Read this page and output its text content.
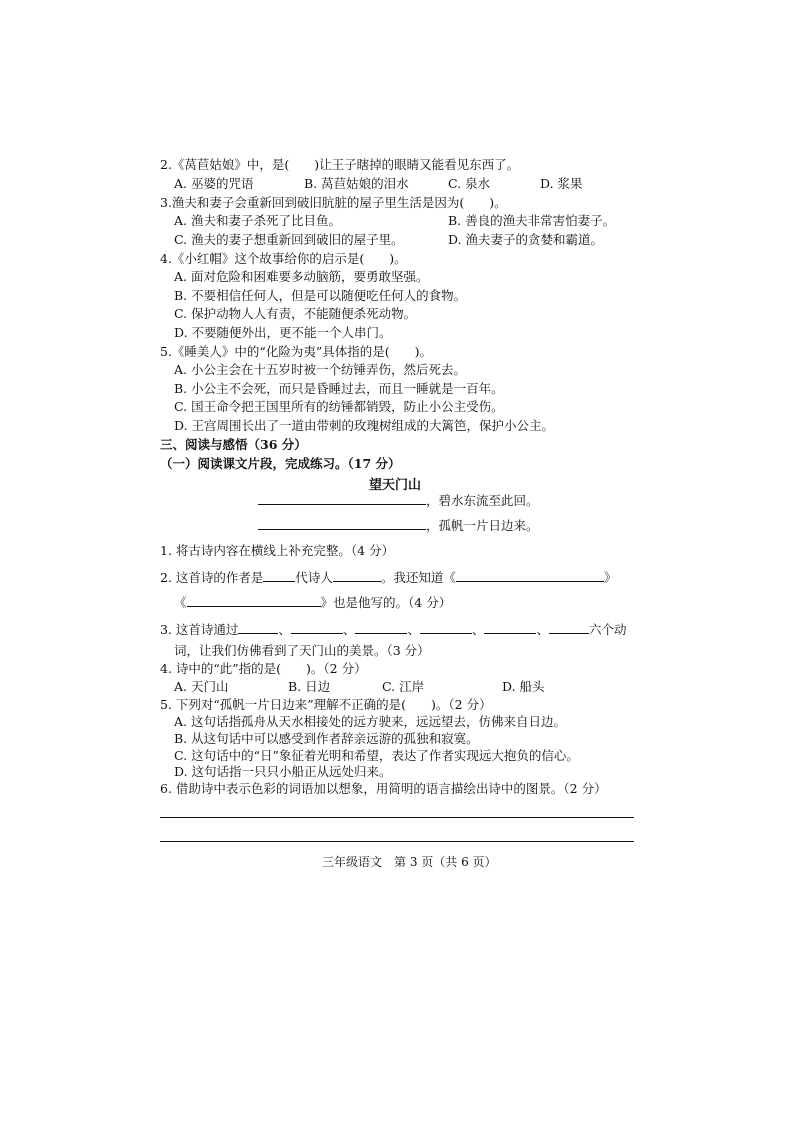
2.《莴苣姑娘》中，是(　　)让王子瞎掉的眼睛又能看见东西了。
A. 巫婆的咒语	B. 莴苣姑娘的泪水	C. 泉水	D. 浆果
3.渔夫和妻子会重新回到破旧肮脏的屋子里生活是因为(　　)。
A. 渔夫和妻子杀死了比目鱼。	B. 善良的渔夫非常害怕妻子。
C. 渔夫的妻子想重新回到破旧的屋子里。	D. 渔夫妻子的贪婪和霸道。
4.《小红帽》这个故事给你的启示是(　　)。
A. 面对危险和困难要多动脑筋，要勇敢坚强。
B. 不要相信任何人，但是可以随便吃任何人的食物。
C. 保护动物人人有责，不能随便杀死动物。
D. 不要随便外出，更不能一个人串门。
5.《睡美人》中的“化险为夷”具体指的是(　　)。
A. 小公主会在十五岁时被一个纺锤弄伤，然后死去。
B. 小公主不会死，而只是昏睡过去，而且一睡就是一百年。
C. 国王命令把王国里所有的纺锤都销毁，防止小公主受伤。
D. 王宫周围长出了一道由带刺的玫瑰树组成的大篱笆，保护小公主。
三、阅读与感悟（36 分）
（一）阅读课文片段，完成练习。（17 分）
望天门山
，碧水东流至此回。
，孤帆一片日边来。
1. 将古诗内容在横线上补充完整。（4 分）
2. 这首诗的作者是	代诗人	。我还知道《	》
《	》也是他写的。（4 分）
3. 这首诗通过	、	、	、	、	、	六个动
词，让我们仿佛看到了天门山的美景。（3 分）
4. 诗中的“此”指的是(　　)。（2 分）
A. 天门山	B. 日边	C. 江岸	D. 船头
5. 下列对“孤帆一片日边来”理解不正确的是(　　)。（2 分）
A. 这句话指孤舟从天水相接处的远方驶来，远远望去，仿佛来自日边。
B. 从这句话中可以感受到作者辞亲远游的孤独和寂寞。
C. 这句话中的“日”象征着光明和希望，表达了作者实现远大抱负的信心。
D. 这句话指一只只小船正从远处归来。
6. 借助诗中表示色彩的词语加以想象，用简明的语言描绘出诗中的图景。（2 分）
三年级语文　第 3 页（共 6 页）
